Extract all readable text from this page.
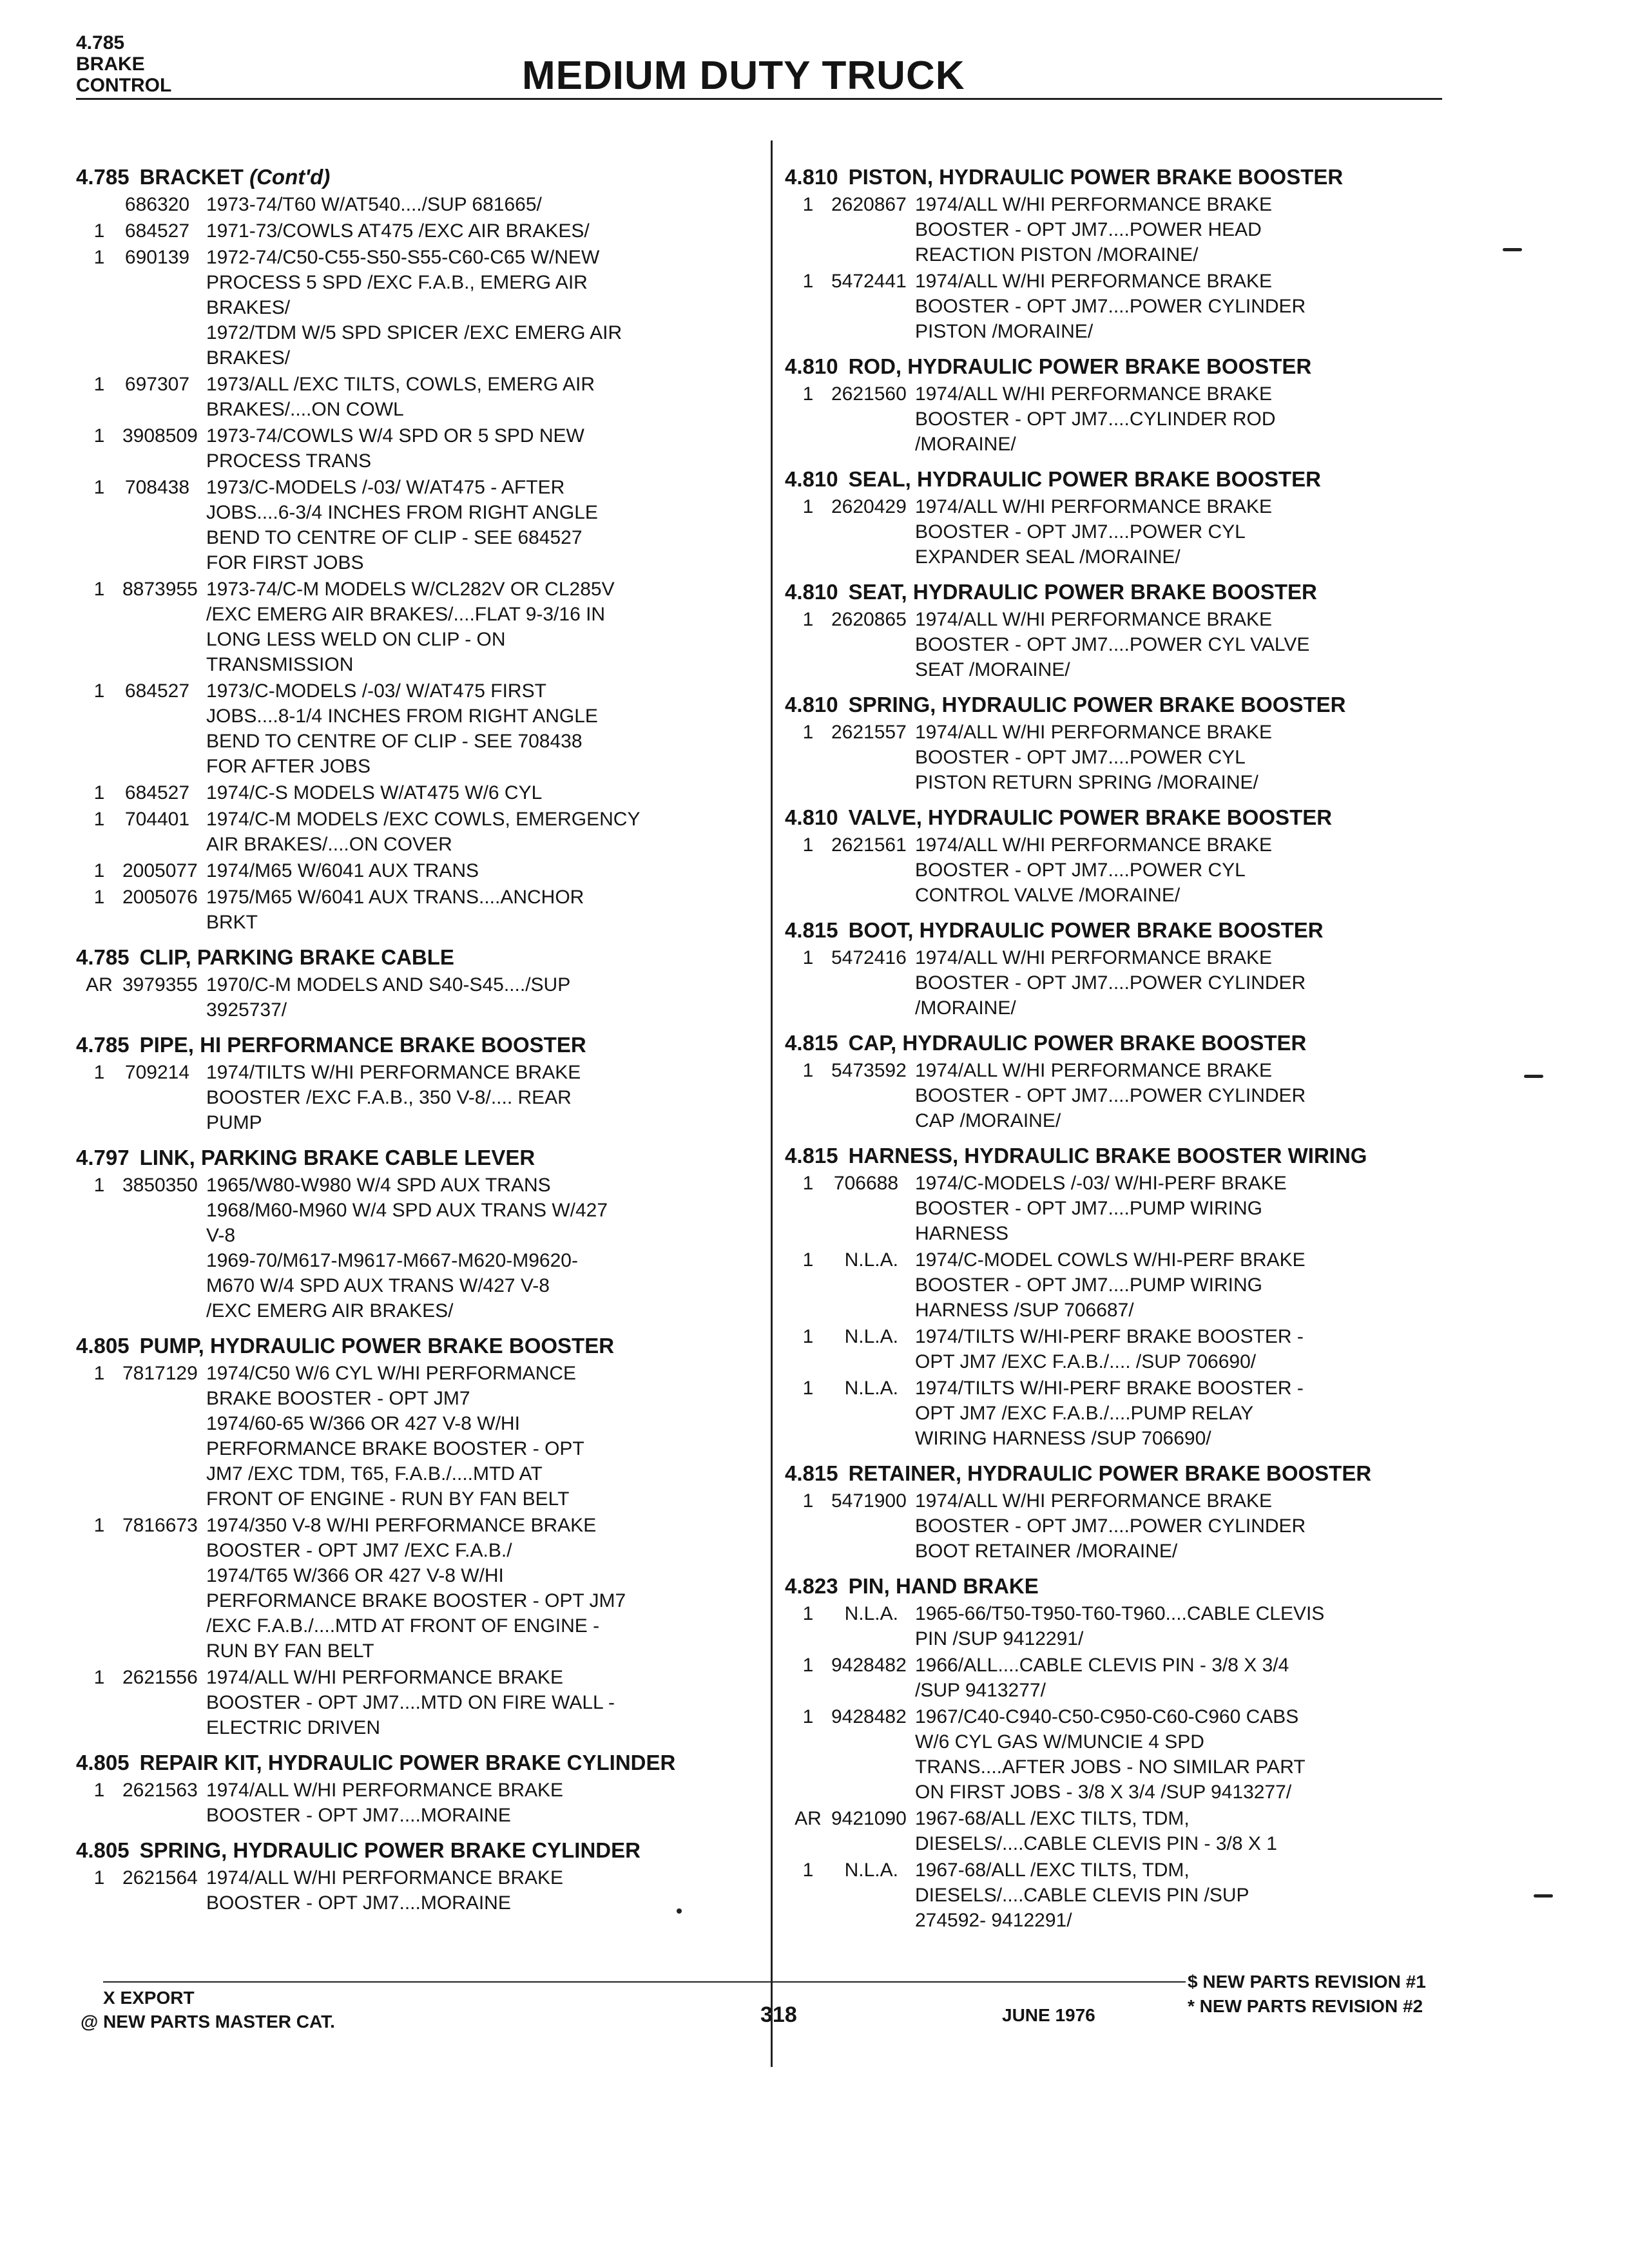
4.785
BRAKE
CONTROL	MEDIUM DUTY TRUCK
4.785 BRACKET (Cont'd)
686320 1973-74/T60 W/AT540..../SUP 681665/
1	684527 1971-73/COWLS AT475 /EXC AIR BRAKES/
1	690139 1972-74/C50-C55-S50-S55-C60-C65 W/NEW
PROCESS 5 SPD /EXC F.A.B., EMERG AIR
BRAKES/
1972/TDM W/5 SPD SPICER /EXC EMERG AIR
BRAKES/
1	697307 1973/ALL /EXC TILTS, COWLS, EMERG AIR
BRAKES/....ON COWL
1 3908509 1973-74/COWLS W/4 SPD OR 5 SPD NEW
PROCESS TRANS
1	708438 1973/C-MODELS /-03/ W/AT475 - AFTER
JOBS....6-3/4 INCHES FROM RIGHT ANGLE
BEND TO CENTRE OF CLIP - SEE 684527
FOR FIRST JOBS
1 8873955 1973-74/C-M MODELS W/CL282V OR CL285V
/EXC EMERG AIR BRAKES/....FLAT 9-3/16 IN
LONG LESS WELD ON CLIP - ON
TRANSMISSION
1	684527 1973/C-MODELS /-03/ W/AT475 FIRST
JOBS....8-1/4 INCHES FROM RIGHT ANGLE
BEND TO CENTRE OF CLIP - SEE 708438
FOR AFTER JOBS
1	684527 1974/C-S MODELS W/AT475 W/6 CYL
1	704401 1974/C-M MODELS /EXC COWLS, EMERGENCY
AIR BRAKES/....ON COVER
1 2005077 1974/M65 W/6041 AUX TRANS
1 2005076 1975/M65 W/6041 AUX TRANS....ANCHOR
BRKT
4.785 CLIP, PARKING BRAKE CABLE
AR 3979355 1970/C-M MODELS AND S40-S45..../SUP
3925737/
4.785 PIPE, HI PERFORMANCE BRAKE BOOSTER
1	709214 1974/TILTS W/HI PERFORMANCE BRAKE
BOOSTER /EXC F.A.B., 350 V-8/.... REAR
PUMP
4.797 LINK, PARKING BRAKE CABLE LEVER
1 3850350 1965/W80-W980 W/4 SPD AUX TRANS
1968/M60-M960 W/4 SPD AUX TRANS W/427
V-8
1969-70/M617-M9617-M667-M620-M9620-
M670 W/4 SPD AUX TRANS W/427 V-8
/EXC EMERG AIR BRAKES/
4.805 PUMP, HYDRAULIC POWER BRAKE BOOSTER
1 7817129 1974/C50 W/6 CYL W/HI PERFORMANCE
BRAKE BOOSTER - OPT JM7
1974/60-65 W/366 OR 427 V-8 W/HI
PERFORMANCE BRAKE BOOSTER - OPT
JM7 /EXC TDM, T65, F.A.B./....MTD AT
FRONT OF ENGINE - RUN BY FAN BELT
1 7816673 1974/350 V-8 W/HI PERFORMANCE BRAKE
BOOSTER - OPT JM7 /EXC F.A.B./
1974/T65 W/366 OR 427 V-8 W/HI
PERFORMANCE BRAKE BOOSTER - OPT JM7
/EXC F.A.B./....MTD AT FRONT OF ENGINE -
RUN BY FAN BELT
1 2621556 1974/ALL W/HI PERFORMANCE BRAKE
BOOSTER - OPT JM7....MTD ON FIRE WALL -
ELECTRIC DRIVEN
4.805 REPAIR KIT, HYDRAULIC POWER BRAKE CYLINDER
1 2621563 1974/ALL W/HI PERFORMANCE BRAKE
BOOSTER - OPT JM7....MORAINE
4.805 SPRING, HYDRAULIC POWER BRAKE CYLINDER
1 2621564 1974/ALL W/HI PERFORMANCE BRAKE
BOOSTER - OPT JM7....MORAINE
4.810 PISTON, HYDRAULIC POWER BRAKE BOOSTER
1 2620867 1974/ALL W/HI PERFORMANCE BRAKE
BOOSTER - OPT JM7....POWER HEAD
REACTION PISTON /MORAINE/
1 5472441 1974/ALL W/HI PERFORMANCE BRAKE
BOOSTER - OPT JM7....POWER CYLINDER
PISTON /MORAINE/
4.810 ROD, HYDRAULIC POWER BRAKE BOOSTER
1 2621560 1974/ALL W/HI PERFORMANCE BRAKE
BOOSTER - OPT JM7....CYLINDER ROD
/MORAINE/
4.810 SEAL, HYDRAULIC POWER BRAKE BOOSTER
1 2620429 1974/ALL W/HI PERFORMANCE BRAKE
BOOSTER - OPT JM7....POWER CYL
EXPANDER SEAL /MORAINE/
4.810 SEAT, HYDRAULIC POWER BRAKE BOOSTER
1 2620865 1974/ALL W/HI PERFORMANCE BRAKE
BOOSTER - OPT JM7....POWER CYL VALVE
SEAT /MORAINE/
4.810 SPRING, HYDRAULIC POWER BRAKE BOOSTER
1 2621557 1974/ALL W/HI PERFORMANCE BRAKE
BOOSTER - OPT JM7....POWER CYL
PISTON RETURN SPRING /MORAINE/
4.810 VALVE, HYDRAULIC POWER BRAKE BOOSTER
1 2621561 1974/ALL W/HI PERFORMANCE BRAKE
BOOSTER - OPT JM7....POWER CYL
CONTROL VALVE /MORAINE/
4.815 BOOT, HYDRAULIC POWER BRAKE BOOSTER
1 5472416 1974/ALL W/HI PERFORMANCE BRAKE
BOOSTER - OPT JM7....POWER CYLINDER
/MORAINE/
4.815 CAP, HYDRAULIC POWER BRAKE BOOSTER
1 5473592 1974/ALL W/HI PERFORMANCE BRAKE
BOOSTER - OPT JM7....POWER CYLINDER
CAP /MORAINE/
4.815 HARNESS, HYDRAULIC BRAKE BOOSTER WIRING
1	706688 1974/C-MODELS /-03/ W/HI-PERF BRAKE
BOOSTER - OPT JM7....PUMP WIRING
HARNESS
1	N.L.A. 1974/C-MODEL COWLS W/HI-PERF BRAKE
BOOSTER - OPT JM7....PUMP WIRING
HARNESS /SUP 706687/
1	N.L.A. 1974/TILTS W/HI-PERF BRAKE BOOSTER -
OPT JM7 /EXC F.A.B./.... /SUP 706690/
1	N.L.A. 1974/TILTS W/HI-PERF BRAKE BOOSTER -
OPT JM7 /EXC F.A.B./....PUMP RELAY
WIRING HARNESS /SUP 706690/
4.815 RETAINER, HYDRAULIC POWER BRAKE BOOSTER
1 5471900 1974/ALL W/HI PERFORMANCE BRAKE
BOOSTER - OPT JM7....POWER CYLINDER
BOOT RETAINER /MORAINE/
4.823 PIN, HAND BRAKE
1	N.L.A. 1965-66/T50-T950-T60-T960....CABLE CLEVIS
PIN /SUP 9412291/
1 9428482 1966/ALL....CABLE CLEVIS PIN - 3/8 X 3/4
/SUP 9413277/
1 9428482 1967/C40-C940-C50-C950-C60-C960 CABS
W/6 CYL GAS W/MUNCIE 4 SPD
TRANS....AFTER JOBS - NO SIMILAR PART
ON FIRST JOBS - 3/8 X 3/4 /SUP 9413277/
AR 9421090 1967-68/ALL /EXC TILTS, TDM,
DIESELS/....CABLE CLEVIS PIN - 3/8 X 1
1	N.L.A. 1967-68/ALL /EXC TILTS, TDM,
DIESELS/....CABLE CLEVIS PIN /SUP
274592- 9412291/
X EXPORT
@ NEW PARTS MASTER CAT.	318	JUNE 1976
$ NEW PARTS REVISION #1
* NEW PARTS REVISION #2
